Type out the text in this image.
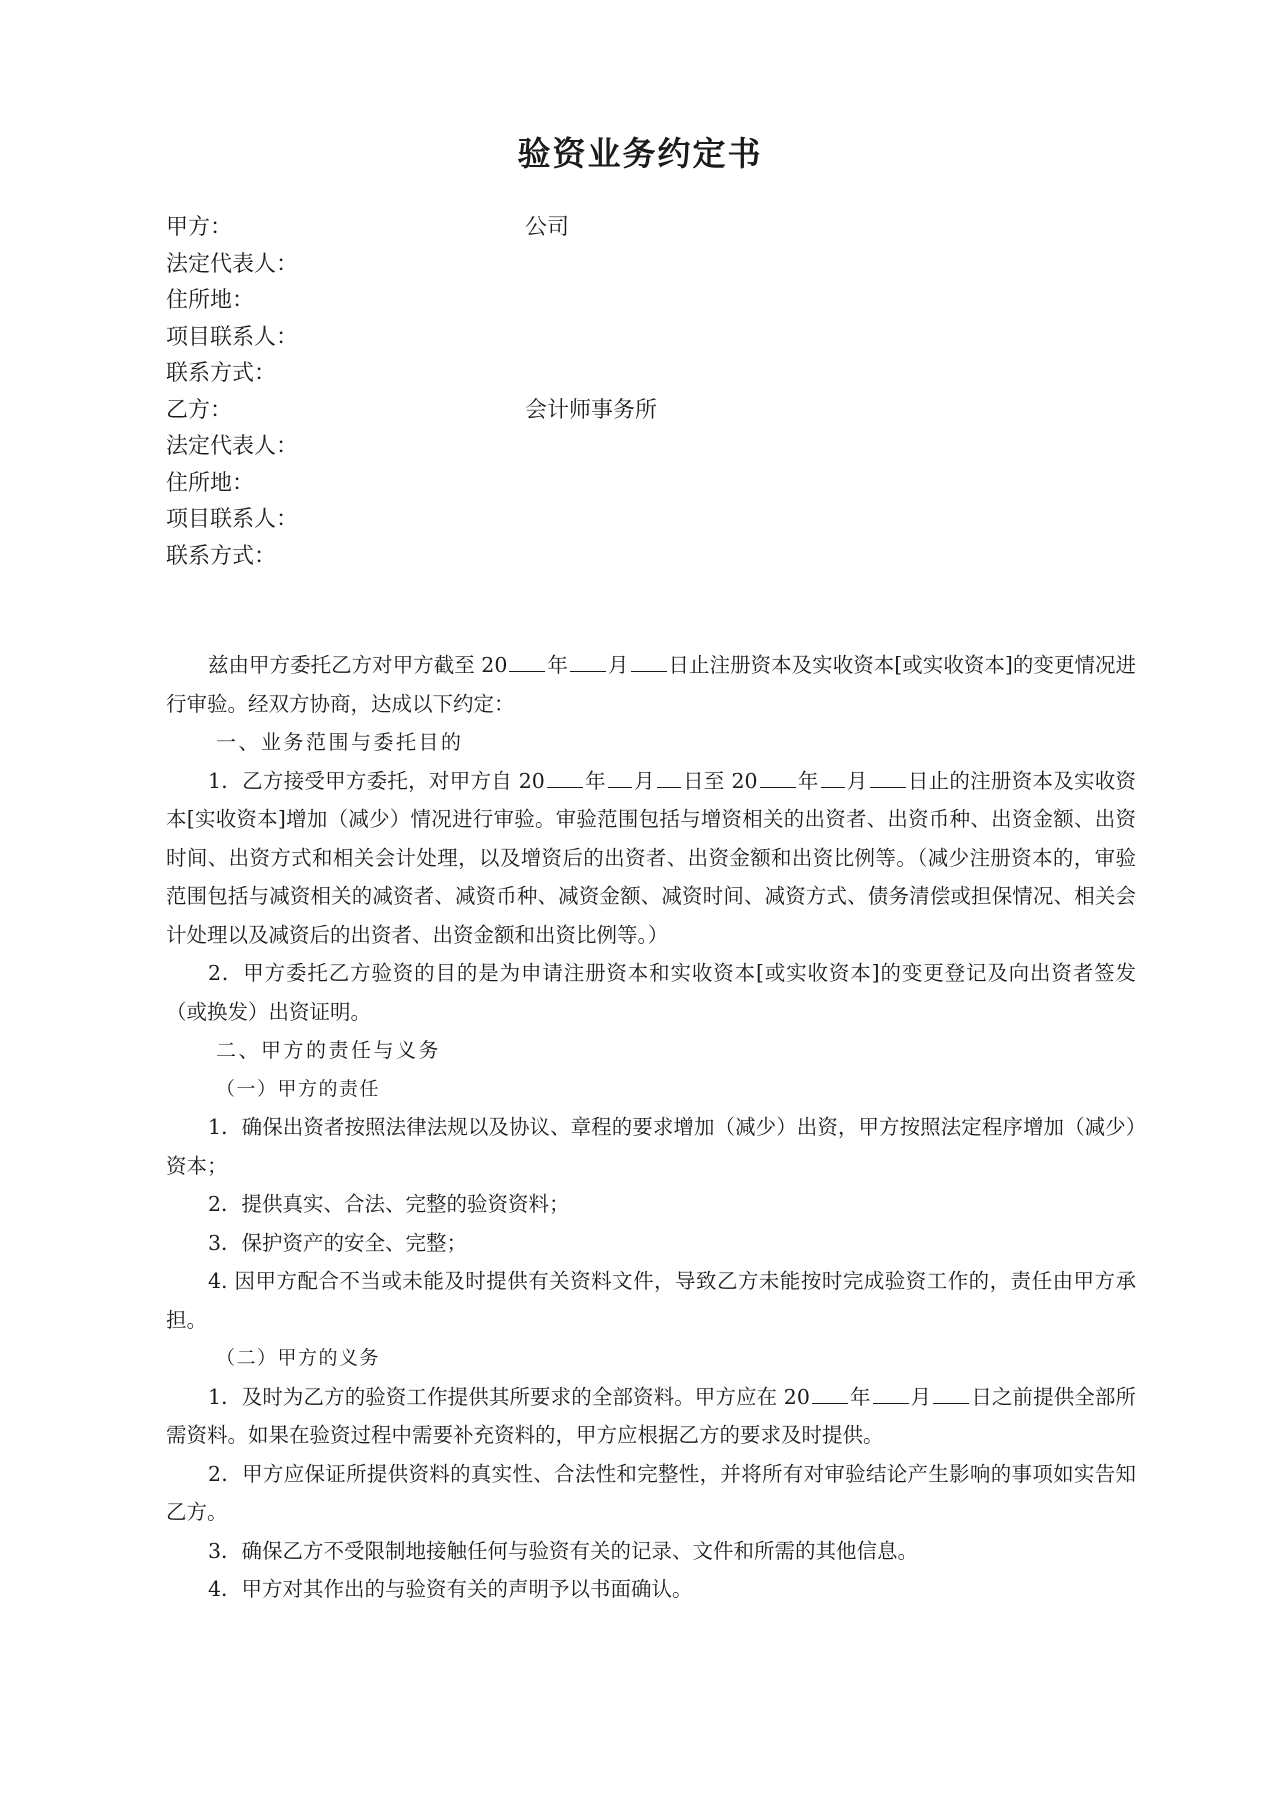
验资业务约定书
甲方：	公司
法定代表人：
住所地：
项目联系人：
联系方式：
乙方：	会计师事务所
法定代表人：
住所地：
项目联系人：
联系方式：

兹由甲方委托乙方对甲方截至 20 年 月 日止注册资本及实收资本[或实收资本]的变更情况进行审验。经双方协商，达成以下约定：

一、业务范围与委托目的

1．乙方接受甲方委托，对甲方自 20 年 月 日至 20 年 月 日止的注册资本及实收资本[实收资本]增加（减少）情况进行审验。审验范围包括与增资相关的出资者、出资币种、出资金额、出资时间、出资方式和相关会计处理，以及增资后的出资者、出资金额和出资比例等。（减少注册资本的，审验范围包括与减资相关的减资者、减资币种、减资金额、减资时间、减资方式、债务清偿或担保情况、相关会计处理以及减资后的出资者、出资金额和出资比例等。）

2．甲方委托乙方验资的目的是为申请注册资本和实收资本[或实收资本]的变更登记及向出资者签发（或换发）出资证明。

二、甲方的责任与义务

（一）甲方的责任

1．确保出资者按照法律法规以及协议、章程的要求增加（减少）出资，甲方按照法定程序增加（减少）资本；

2．提供真实、合法、完整的验资资料；

3．保护资产的安全、完整；

4. 因甲方配合不当或未能及时提供有关资料文件，导致乙方未能按时完成验资工作的，责任由甲方承担。

（二）甲方的义务

1．及时为乙方的验资工作提供其所要求的全部资料。甲方应在 20 年 月 日之前提供全部所需资料。如果在验资过程中需要补充资料的，甲方应根据乙方的要求及时提供。

2．甲方应保证所提供资料的真实性、合法性和完整性，并将所有对审验结论产生影响的事项如实告知乙方。

3．确保乙方不受限制地接触任何与验资有关的记录、文件和所需的其他信息。

4．甲方对其作出的与验资有关的声明予以书面确认。
